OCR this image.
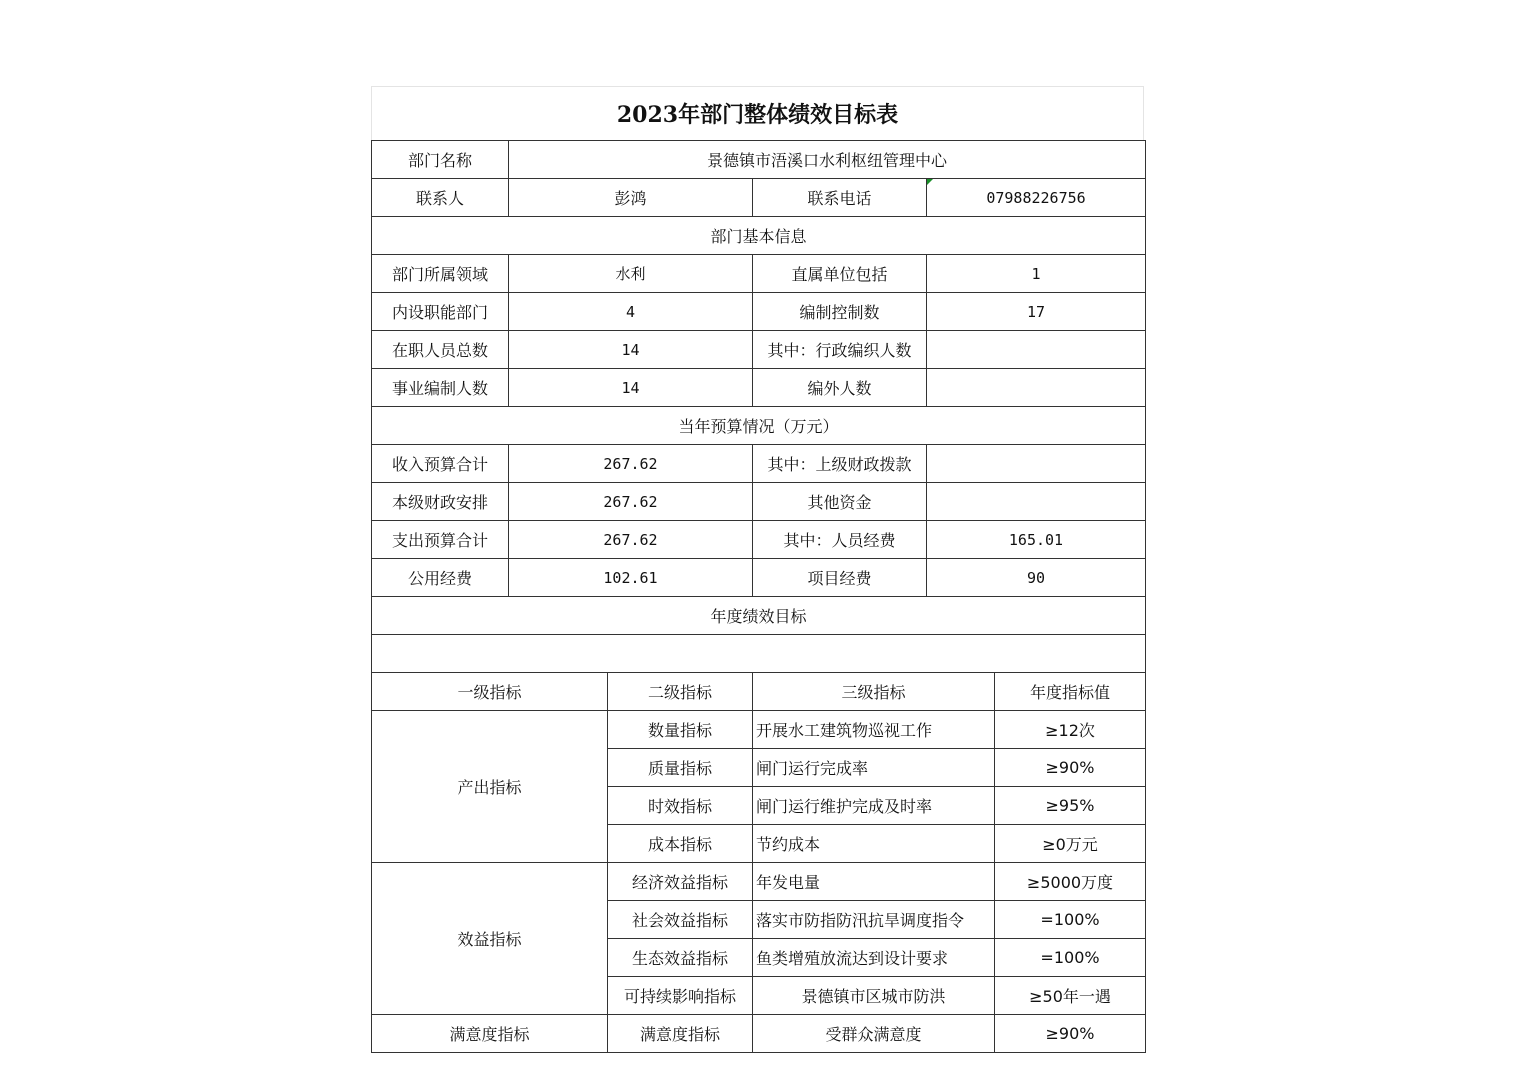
2023年部门整体绩效目标表
部门名称	景德镇市浯溪口水利枢纽管理中心				
联系人	彭鸿		联系电话	07988226756	
部门基本信息					
部门所属领域	水利		直属单位包括	1	
内设职能部门	4		编制控制数	17	
在职人员总数	14		其中：行政编织人数		
事业编制人数	14		编外人数		
当年预算情况（万元）					
收入预算合计	267.62		其中：上级财政拨款		
本级财政安排	267.62		其他资金		
支出预算合计	267.62		其中：人员经费	165.01	
公用经费	102.61		项目经费	90	
年度绩效目标					

一级指标		二级指标	三级指标		年度指标值
产出指标		数量指标	开展水工建筑物巡视工作		≥12次
		质量指标	闸门运行完成率		≥90%
		时效指标	闸门运行维护完成及时率		≥95%
		成本指标	节约成本		≥0万元
效益指标		经济效益指标	年发电量		≥5000万度
		社会效益指标	落实市防指防汛抗旱调度指令		=100%
		生态效益指标	鱼类增殖放流达到设计要求		=100%
		可持续影响指标	景德镇市区城市防洪		≥50年一遇
满意度指标		满意度指标	受群众满意度		≥90%
